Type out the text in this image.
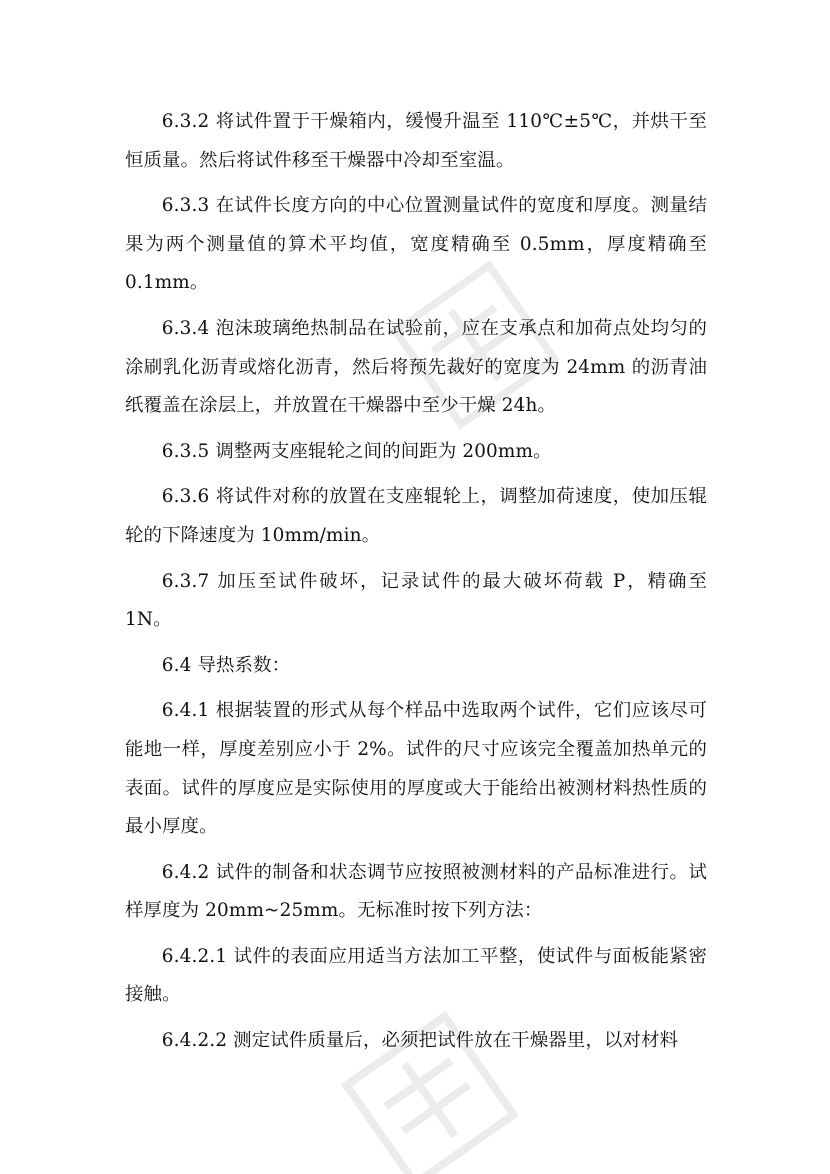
6.3.2 将试件置于干燥箱内，缓慢升温至 110℃±5℃，并烘干至恒质量。然后将试件移至干燥器中冷却至室温。

6.3.3 在试件长度方向的中心位置测量试件的宽度和厚度。测量结果为两个测量值的算术平均值，宽度精确至 0.5mm，厚度精确至 0.1mm。

6.3.4 泡沫玻璃绝热制品在试验前，应在支承点和加荷点处均匀的涂刷乳化沥青或熔化沥青，然后将预先裁好的宽度为 24mm 的沥青油纸覆盖在涂层上，并放置在干燥器中至少干燥 24h。

6.3.5 调整两支座辊轮之间的间距为 200mm。

6.3.6 将试件对称的放置在支座辊轮上，调整加荷速度，使加压辊轮的下降速度为 10mm/min。

6.3.7 加压至试件破坏，记录试件的最大破坏荷载 P，精确至 1N。

6.4 导热系数：

6.4.1 根据装置的形式从每个样品中选取两个试件，它们应该尽可能地一样，厚度差别应小于 2%。试件的尺寸应该完全覆盖加热单元的表面。试件的厚度应是实际使用的厚度或大于能给出被测材料热性质的最小厚度。

6.4.2 试件的制备和状态调节应按照被测材料的产品标准进行。试样厚度为 20mm~25mm。无标准时按下列方法：

6.4.2.1 试件的表面应用适当方法加工平整，使试件与面板能紧密接触。

6.4.2.2 测定试件质量后，必须把试件放在干燥器里，以对材料
